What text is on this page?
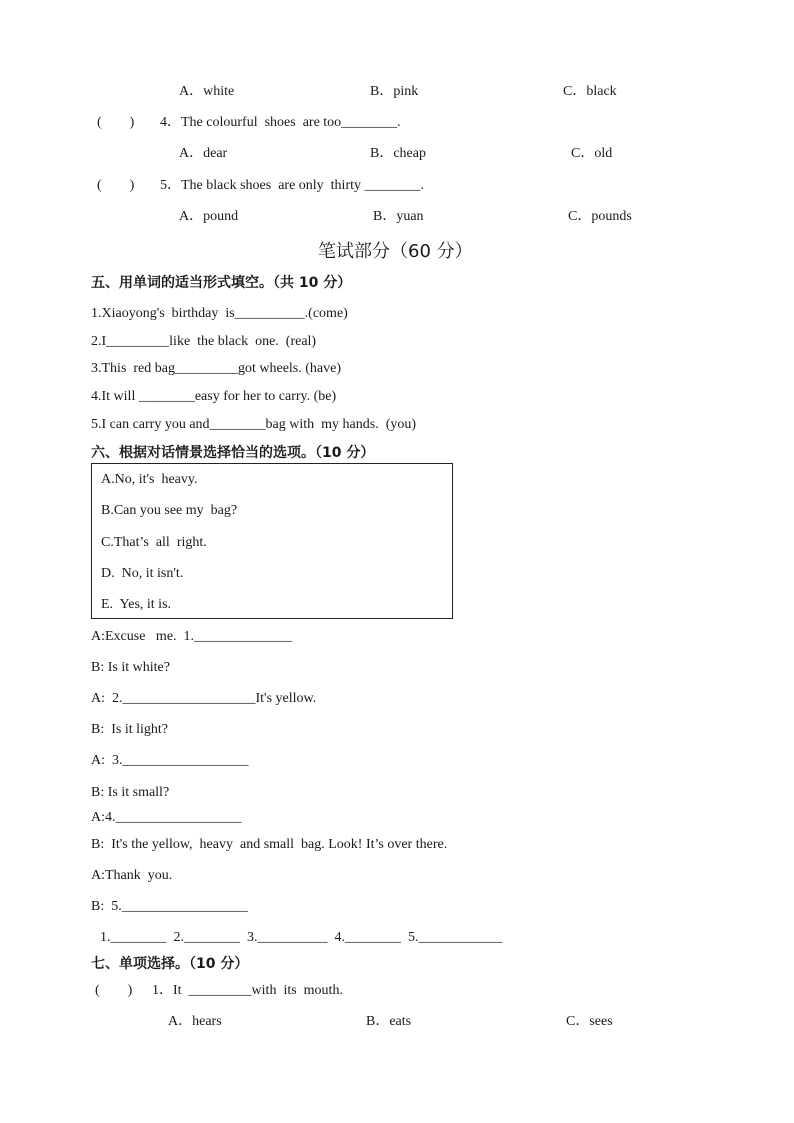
A．white	B．pink	C．black
(        ) 4．The colourful  shoes  are too________.
A．dear	B．cheap	C．old
(        ) 5．The black shoes  are only  thirty ________.
A．pound	B．yuan	C．pounds
笔试部分（60 分）
五、用单词的适当形式填空。（共 10 分）
1.Xiaoyong's  birthday  is__________.(come)
2.I_________like  the black  one.  (real)
3.This  red bag_________got wheels. (have)
4.It will ________easy for her to carry. (be)
5.I can carry you and________bag with  my hands.  (you)
六、根据对话情景选择恰当的选项。（10 分）
A.No, it's  heavy.
B.Can you see my  bag?
C.That’s  all  right.
D.  No, it isn't.
E.  Yes, it is.
A:Excuse   me.  1.______________
B: Is it white?
A:  2.___________________It's yellow.
B:  Is it light?
A:  3.__________________
B: Is it small?
A:4.__________________
B:  It's the yellow,  heavy  and small  bag. Look! It’s over there.
A:Thank  you.
B:  5.__________________
1.________  2.________  3.__________  4.________  5.____________
七、单项选择。（10 分）
(        ) 1．It  _________with  its  mouth.
A．hears	B．eats	C．sees
